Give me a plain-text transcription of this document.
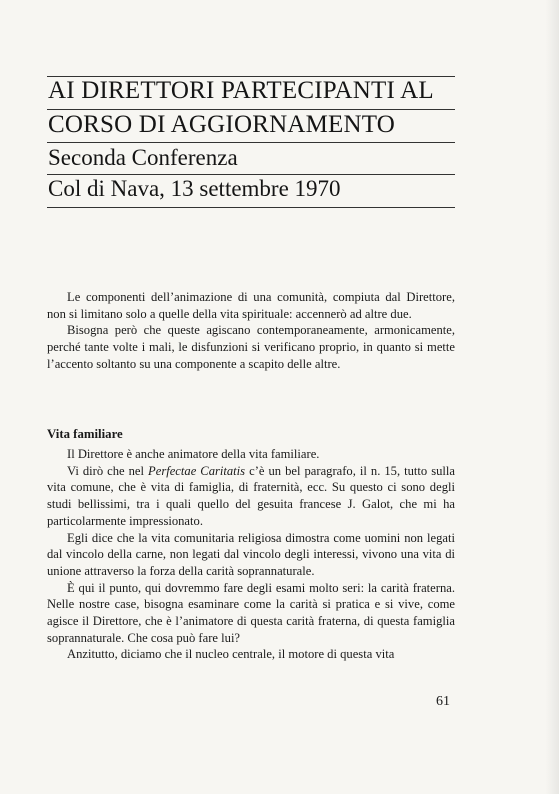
AI DIRETTORI PARTECIPANTI AL
CORSO DI AGGIORNAMENTO
Seconda Conferenza
Col di Nava, 13 settembre 1970

Le componenti dell’animazione di una comunità, compiuta dal Direttore, non si limitano solo a quelle della vita spirituale: accennerò ad altre due.

Bisogna però che queste agiscano contemporaneamente, armonicamente, perché tante volte i mali, le disfunzioni si verificano proprio, in quanto si mette l’accento soltanto su una componente a scapito delle altre.

Vita familiare

Il Direttore è anche animatore della vita familiare.

Vi dirò che nel Perfectae Caritatis c’è un bel paragrafo, il n. 15, tutto sulla vita comune, che è vita di famiglia, di fraternità, ecc. Su questo ci sono degli studi bellissimi, tra i quali quello del gesuita francese J. Galot, che mi ha particolarmente impressionato.

Egli dice che la vita comunitaria religiosa dimostra come uomini non legati dal vincolo della carne, non legati dal vincolo degli interessi, vivono una vita di unione attraverso la forza della carità soprannaturale.

È qui il punto, qui dovremmo fare degli esami molto seri: la carità fraterna. Nelle nostre case, bisogna esaminare come la carità si pratica e si vive, come agisce il Direttore, che è l’animatore di questa carità fraterna, di questa famiglia soprannaturale. Che cosa può fare lui?

Anzitutto, diciamo che il nucleo centrale, il motore di questa vita

61
